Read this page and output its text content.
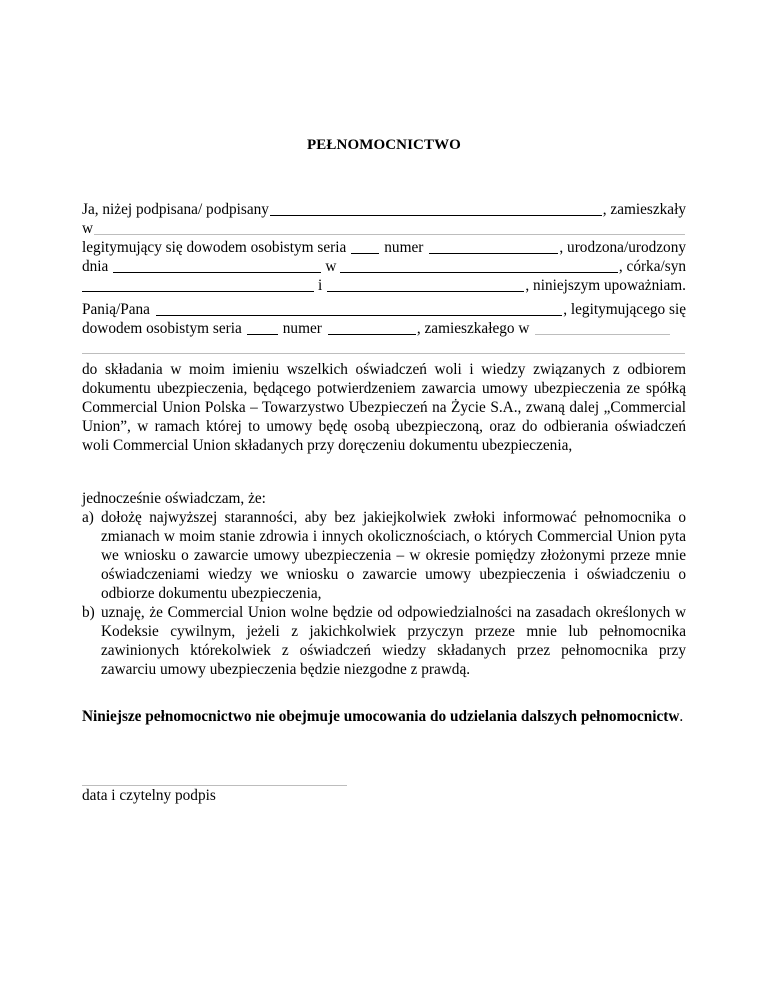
PEŁNOMOCNICTWO
Ja, niżej podpisana/ podpisany	, zamieszkały
w
legitymujący się dowodem osobistym seria numer	, urodzona/urodzony
dnia	w	, córka/syn
i	, niniejszym upoważniam.
Panią/Pana	, legitymującego się
dowodem osobistym seria	numer	, zamieszkałego w
do składania w moim imieniu wszelkich oświadczeń woli i wiedzy związanych z odbiorem dokumentu ubezpieczenia, będącego potwierdzeniem zawarcia umowy ubezpieczenia ze spółką Commercial Union Polska – Towarzystwo Ubezpieczeń na Życie S.A., zwaną dalej „Commercial Union”, w ramach której to umowy będę osobą ubezpieczoną, oraz do odbierania oświadczeń woli Commercial Union składanych przy doręczeniu dokumentu ubezpieczenia,
jednocześnie oświadczam, że:
a) dołożę najwyższej staranności, aby bez jakiejkolwiek zwłoki informować pełnomocnika o zmianach w moim stanie zdrowia i innych okolicznościach, o których Commercial Union pyta we wniosku o zawarcie umowy ubezpieczenia – w okresie pomiędzy złożonymi przeze mnie oświadczeniami wiedzy we wniosku o zawarcie umowy ubezpieczenia i oświadczeniu o odbiorze dokumentu ubezpieczenia,
b) uznaję, że Commercial Union wolne będzie od odpowiedzialności na zasadach określonych w Kodeksie cywilnym, jeżeli z jakichkolwiek przyczyn przeze mnie lub pełnomocnika zawinionych którekolwiek z oświadczeń wiedzy składanych przez pełnomocnika przy zawarciu umowy ubezpieczenia będzie niezgodne z prawdą.
Niniejsze pełnomocnictwo nie obejmuje umocowania do udzielania dalszych pełnomocnictw.
data i czytelny podpis
